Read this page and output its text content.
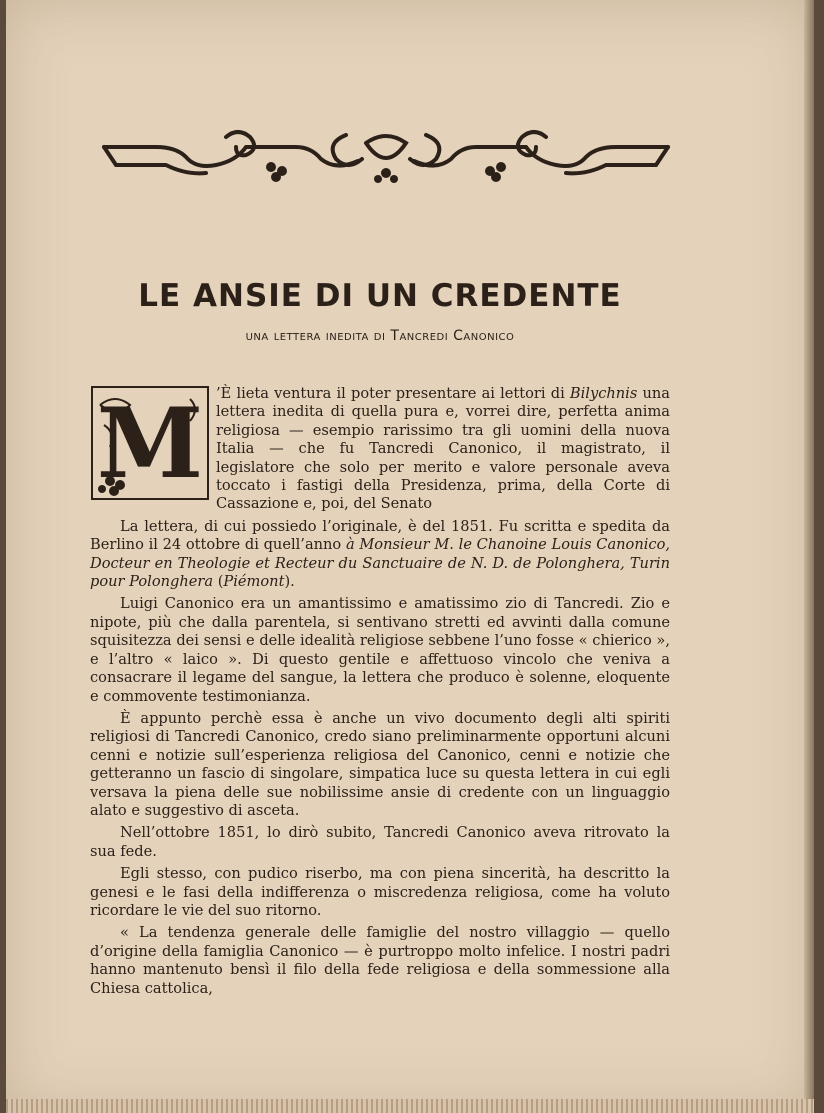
LE ANSIE DI UN CREDENTE
una lettera inedita di Tancredi Canonico
M ’È lieta ventura il poter presentare ai lettori di Bilychnis una lettera inedita di quella pura e, vorrei dire, perfetta anima religiosa — esempio rarissimo tra gli uomini della nuova Italia — che fu Tancredi Canonico, il magistrato, il legislatore che solo per merito e valore personale aveva toccato i fastigi della Presidenza, prima, della Corte di Cassazione e, poi, del Senato

La lettera, di cui possiedo l’originale, è del 1851. Fu scritta e spedita da Berlino il 24 ottobre di quell’anno à Monsieur M. le Chanoine Louis Canonico, Docteur en Theologie et Recteur du Sanctuaire de N. D. de Polonghera, Turin pour Polonghera (Piémont).

Luigi Canonico era un amantissimo e amatissimo zio di Tancredi. Zio e nipote, più che dalla parentela, si sentivano stretti ed avvinti dalla comune squisitezza dei sensi e delle idealità religiose sebbene l’uno fosse « chierico », e l’altro « laico ». Di questo gentile e affettuoso vincolo che veniva a consacrare il legame del sangue, la lettera che produco è solenne, eloquente e commovente testimonianza.

È appunto perchè essa è anche un vivo documento degli alti spiriti religiosi di Tancredi Canonico, credo siano preliminarmente opportuni alcuni cenni e notizie sull’esperienza religiosa del Canonico, cenni e notizie che getteranno un fascio di singolare, simpatica luce su questa lettera in cui egli versava la piena delle sue nobilissime ansie di credente con un linguaggio alato e suggestivo di asceta.

Nell’ottobre 1851, lo dirò subito, Tancredi Canonico aveva ritrovato la sua fede.

Egli stesso, con pudico riserbo, ma con piena sincerità, ha descritto la genesi e le fasi della indifferenza o miscredenza religiosa, come ha voluto ricordare le vie del suo ritorno.

« La tendenza generale delle famiglie del nostro villaggio — quello d’origine della famiglia Canonico — è purtroppo molto infelice. I nostri padri hanno mantenuto bensì il filo della fede religiosa e della sommessione alla Chiesa cattolica,
